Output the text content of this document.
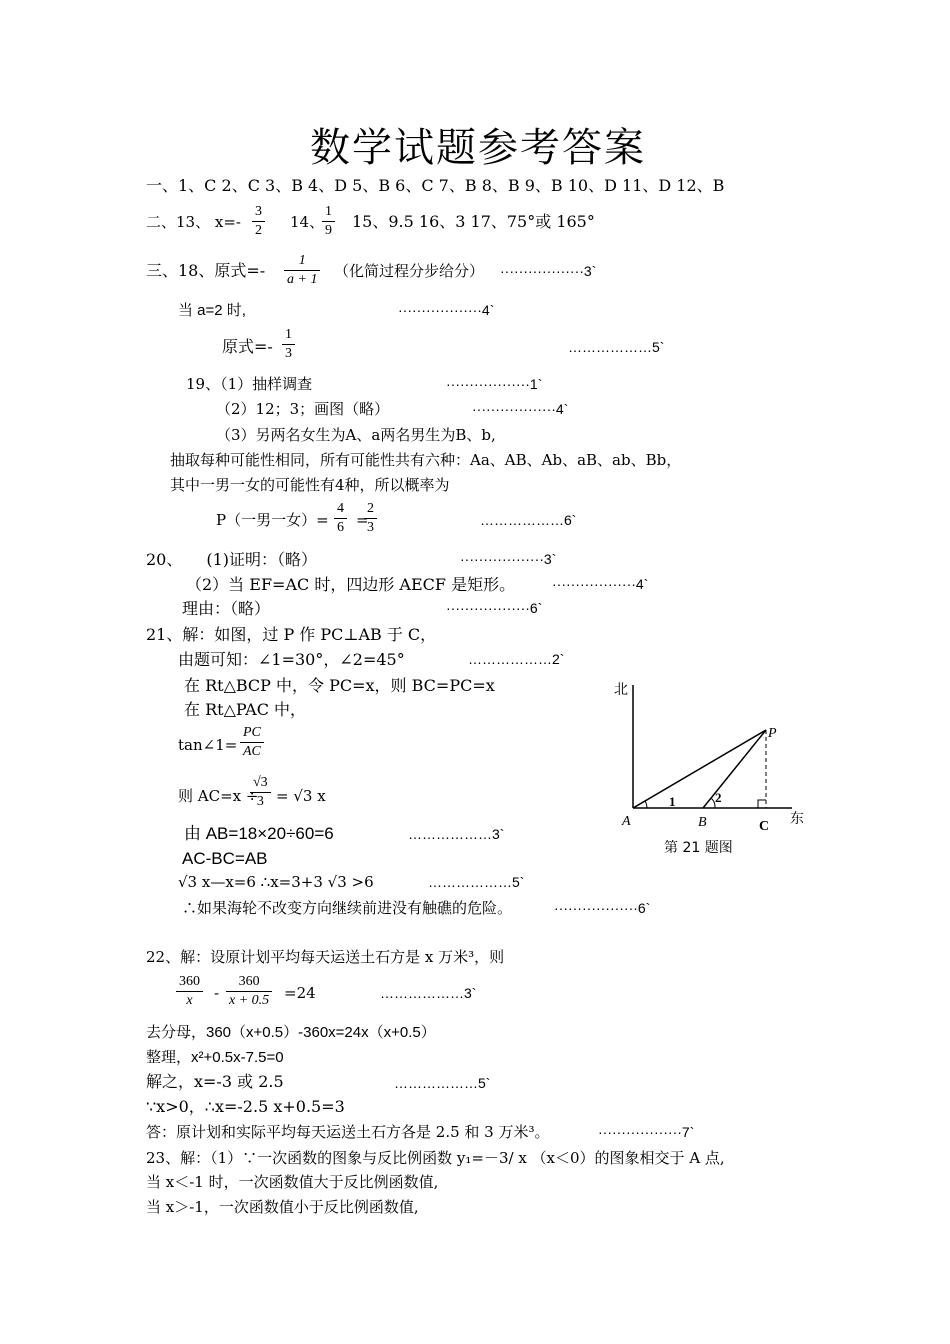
数学试题参考答案
一、1、C 2、C 3、B 4、D 5、B 6、C 7、B 8、B 9、B 10、D 11、D 12、B
二、13、 x=-
3
2 14、
1
9 15、9.5 16、3 17、75°或 165°
三、18、原式=-
1
a + 1 （化简过程分步给分） ··················3`
当 a=2 时,	··················4`
原式=-
1
3	………………5`
19、（1）抽样调查	··················1`
（2）12；3；画图（略）	··················4`
（3）另两名女生为A、a两名男生为B、b,
抽取每种可能性相同，所有可能性共有六种：Aa、AB、Ab、aB、ab、Bb，
其中一男一女的可能性有4种，所以概率为
P（一男一女）=
4
6 =
2
3	………………6`
20、　　(1)证明：（略）	··················3`
（2）当 EF=AC 时，四边形 AECF 是矩形。	··················4`
理由：（略）	··················6`
21、解：如图，过 P 作 PC⊥AB 于 C，
由题可知：∠1=30°，∠2=45°	………………2`
在 Rt△BCP 中，令 PC=x，则 BC=PC=x
在 Rt△PAC 中，
tan∠1=
PC
AC
则 AC=x ÷
√3
3 = √3 x
由 AB=18×20÷60=6	………………3`
AC-BC=AB
√3 x—x=6 ∴x=3+3 √3 >6	………………5`
∴如果海轮不改变方向继续前进没有触礁的危险。	··················6`
北
东
A	B	C
P
1	2
第 21 题图
22、解：设原计划平均每天运送土石方是 x 万米³，则
360
x -
360
x + 0.5 =24	………………3`
去分母，360（x+0.5）-360x=24x（x+0.5）
整理，x²+0.5x-7.5=0
解之，x=-3 或 2.5	………………5`
∵x>0，∴x=-2.5 x+0.5=3
答：原计划和实际平均每天运送土石方各是 2.5 和 3 万米³。	··················7`
23、解：（1）∵一次函数的图象与反比例函数 y₁=－3/ x （x＜0）的图象相交于 A 点,
当 x＜-1 时，一次函数值大于反比例函数值,
当 x＞-1，一次函数值小于反比例函数值,
